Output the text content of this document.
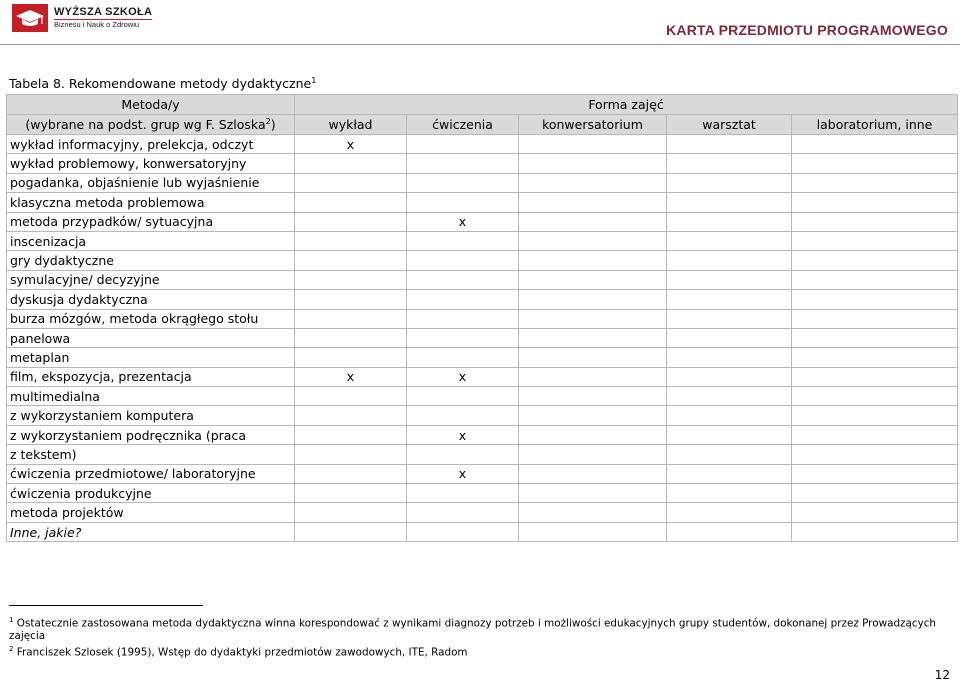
WYŻSZA SZKOŁA
Biznesu i Nauk o Zdrowiu	KARTA PRZEDMIOTU PROGRAMOWEGO
Tabela 8. Rekomendowane metody dydaktyczne$^1$
Metoda/y	Forma zajęć				
(wybrane na podst. grup wg F. Szloska$^2$)	wykład	ćwiczenia	konwersatorium	warsztat	laboratorium, inne
wykład informacyjny, prelekcja, odczyt	x				
wykład problemowy, konwersatoryjny					
pogadanka, objaśnienie lub wyjaśnienie					
klasyczna metoda problemowa					
metoda przypadków/ sytuacyjna		x			
inscenizacja					
gry dydaktyczne					
symulacyjne/ decyzyjne					
dyskusja dydaktyczna					
burza mózgów, metoda okrągłego stołu					
panelowa					
metaplan					
film, ekspozycja, prezentacja	x	x			
multimedialna					
z wykorzystaniem komputera					
z wykorzystaniem podręcznika (praca		x			
z tekstem)					
ćwiczenia przedmiotowe/ laboratoryjne		x			
ćwiczenia produkcyjne					
metoda projektów					
Inne, jakie?					
$^1$ Ostatecznie zastosowana metoda dydaktyczna winna korespondować z wynikami diagnozy potrzeb i możliwości edukacyjnych grupy studentów, dokonanej przez Prowadzących zajęcia
$^2$ Franciszek Szlosek (1995), Wstęp do dydaktyki przedmiotów zawodowych, ITE, Radom
12
